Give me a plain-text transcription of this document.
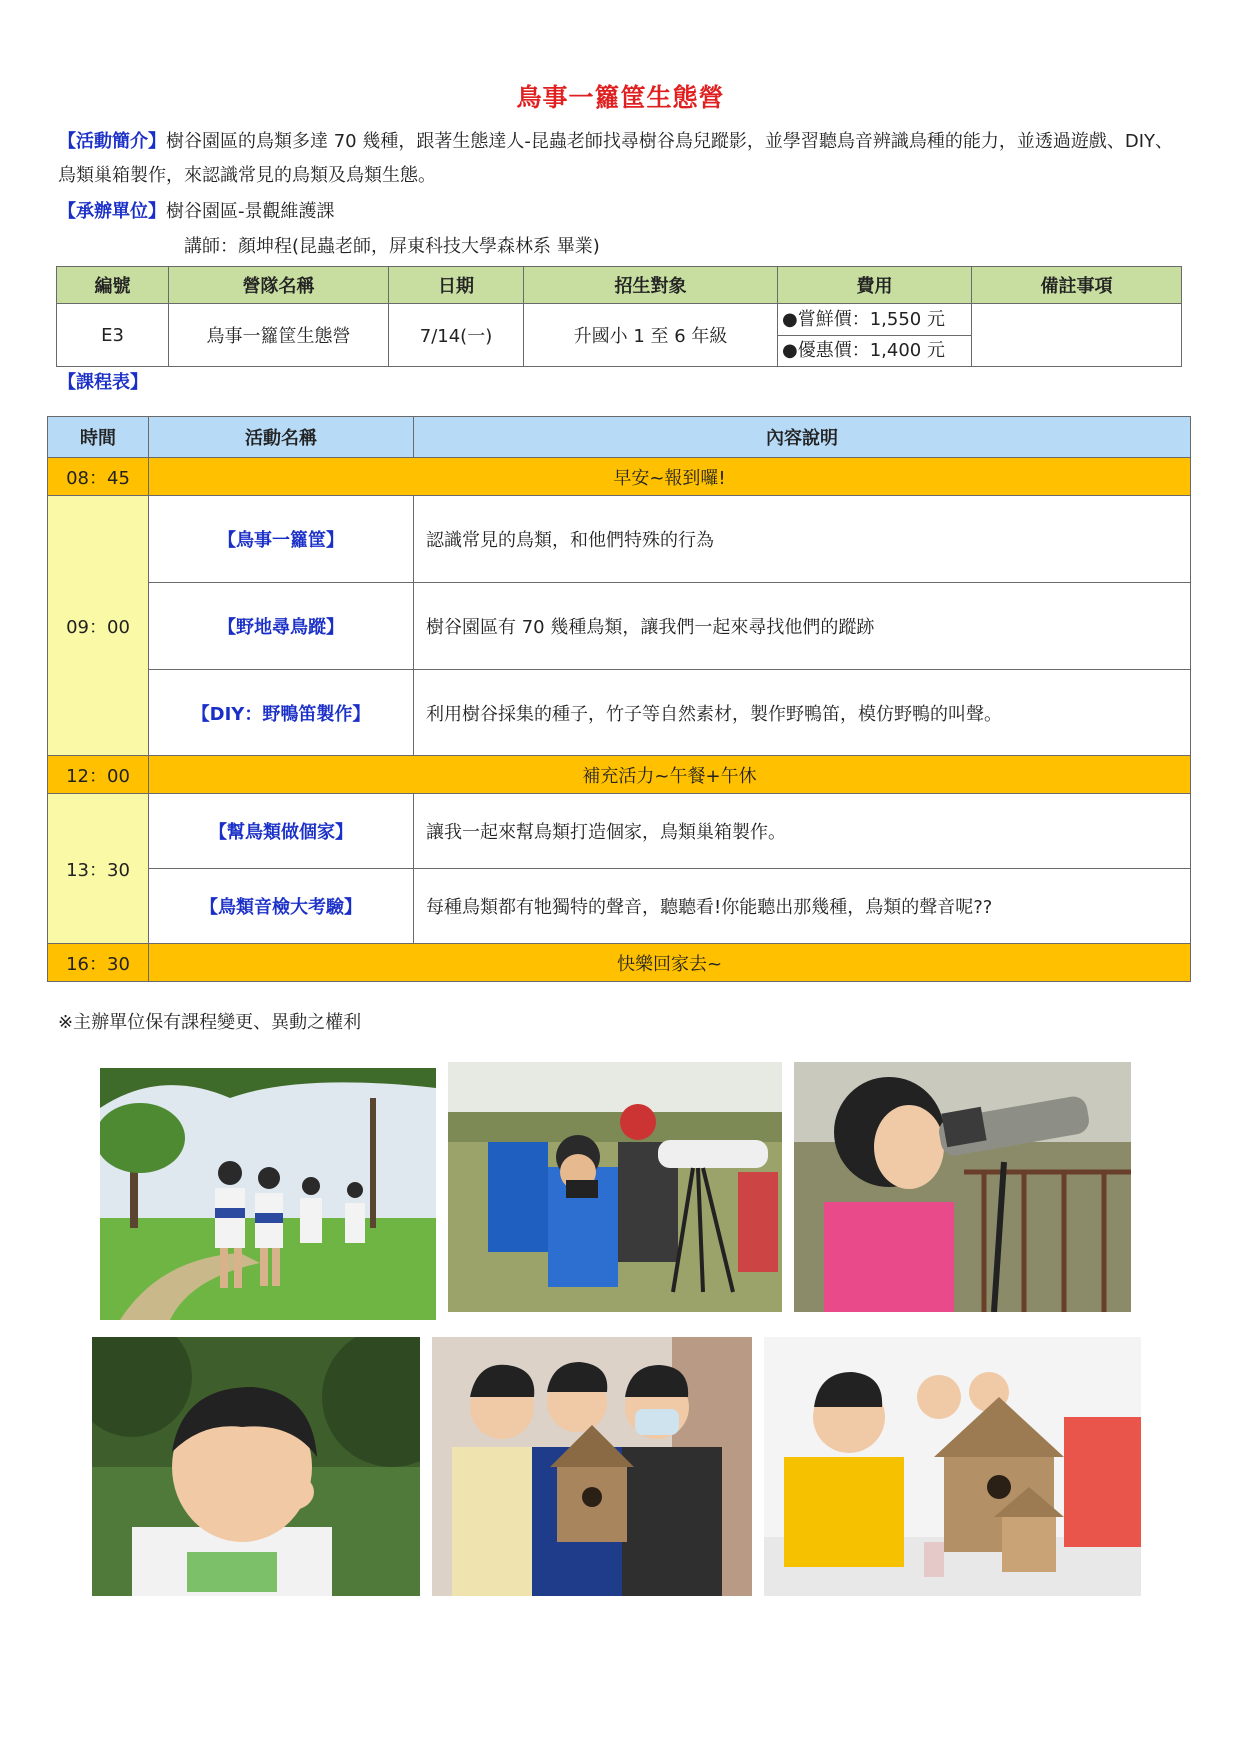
鳥事一籮筐生態營
【活動簡介】樹谷園區的鳥類多達 70 幾種，跟著生態達人-昆蟲老師找尋樹谷鳥兒蹤影，並學習聽鳥音辨識鳥種的能力，並透過遊戲、DIY、鳥類巢箱製作，來認識常見的鳥類及鳥類生態。
【承辦單位】樹谷園區-景觀維護課
講師：顏坤程(昆蟲老師，屏東科技大學森林系 畢業)
編號	營隊名稱	日期	招生對象	費用	備註事項
E3	鳥事一籮筐生態營	7/14(一)	升國小 1 至 6 年級	●嘗鮮價：1,550 元
●優惠價：1,400 元	

【課程表】
時間	活動名稱	內容說明
08：45	早安~報到囉!	
09：00	【鳥事一籮筐】	認識常見的鳥類，和他們特殊的行為
	【野地尋鳥蹤】	樹谷園區有 70 幾種鳥類，讓我們一起來尋找他們的蹤跡
	【DIY：野鴨笛製作】	利用樹谷採集的種子，竹子等自然素材，製作野鴨笛，模仿野鴨的叫聲。
12：00	補充活力~午餐+午休	
13：30	【幫鳥類做個家】	讓我一起來幫鳥類打造個家，鳥類巢箱製作。
	【鳥類音檢大考驗】	每種鳥類都有牠獨特的聲音，聽聽看!你能聽出那幾種，鳥類的聲音呢??
16：30	快樂回家去~	
※主辦單位保有課程變更、異動之權利
